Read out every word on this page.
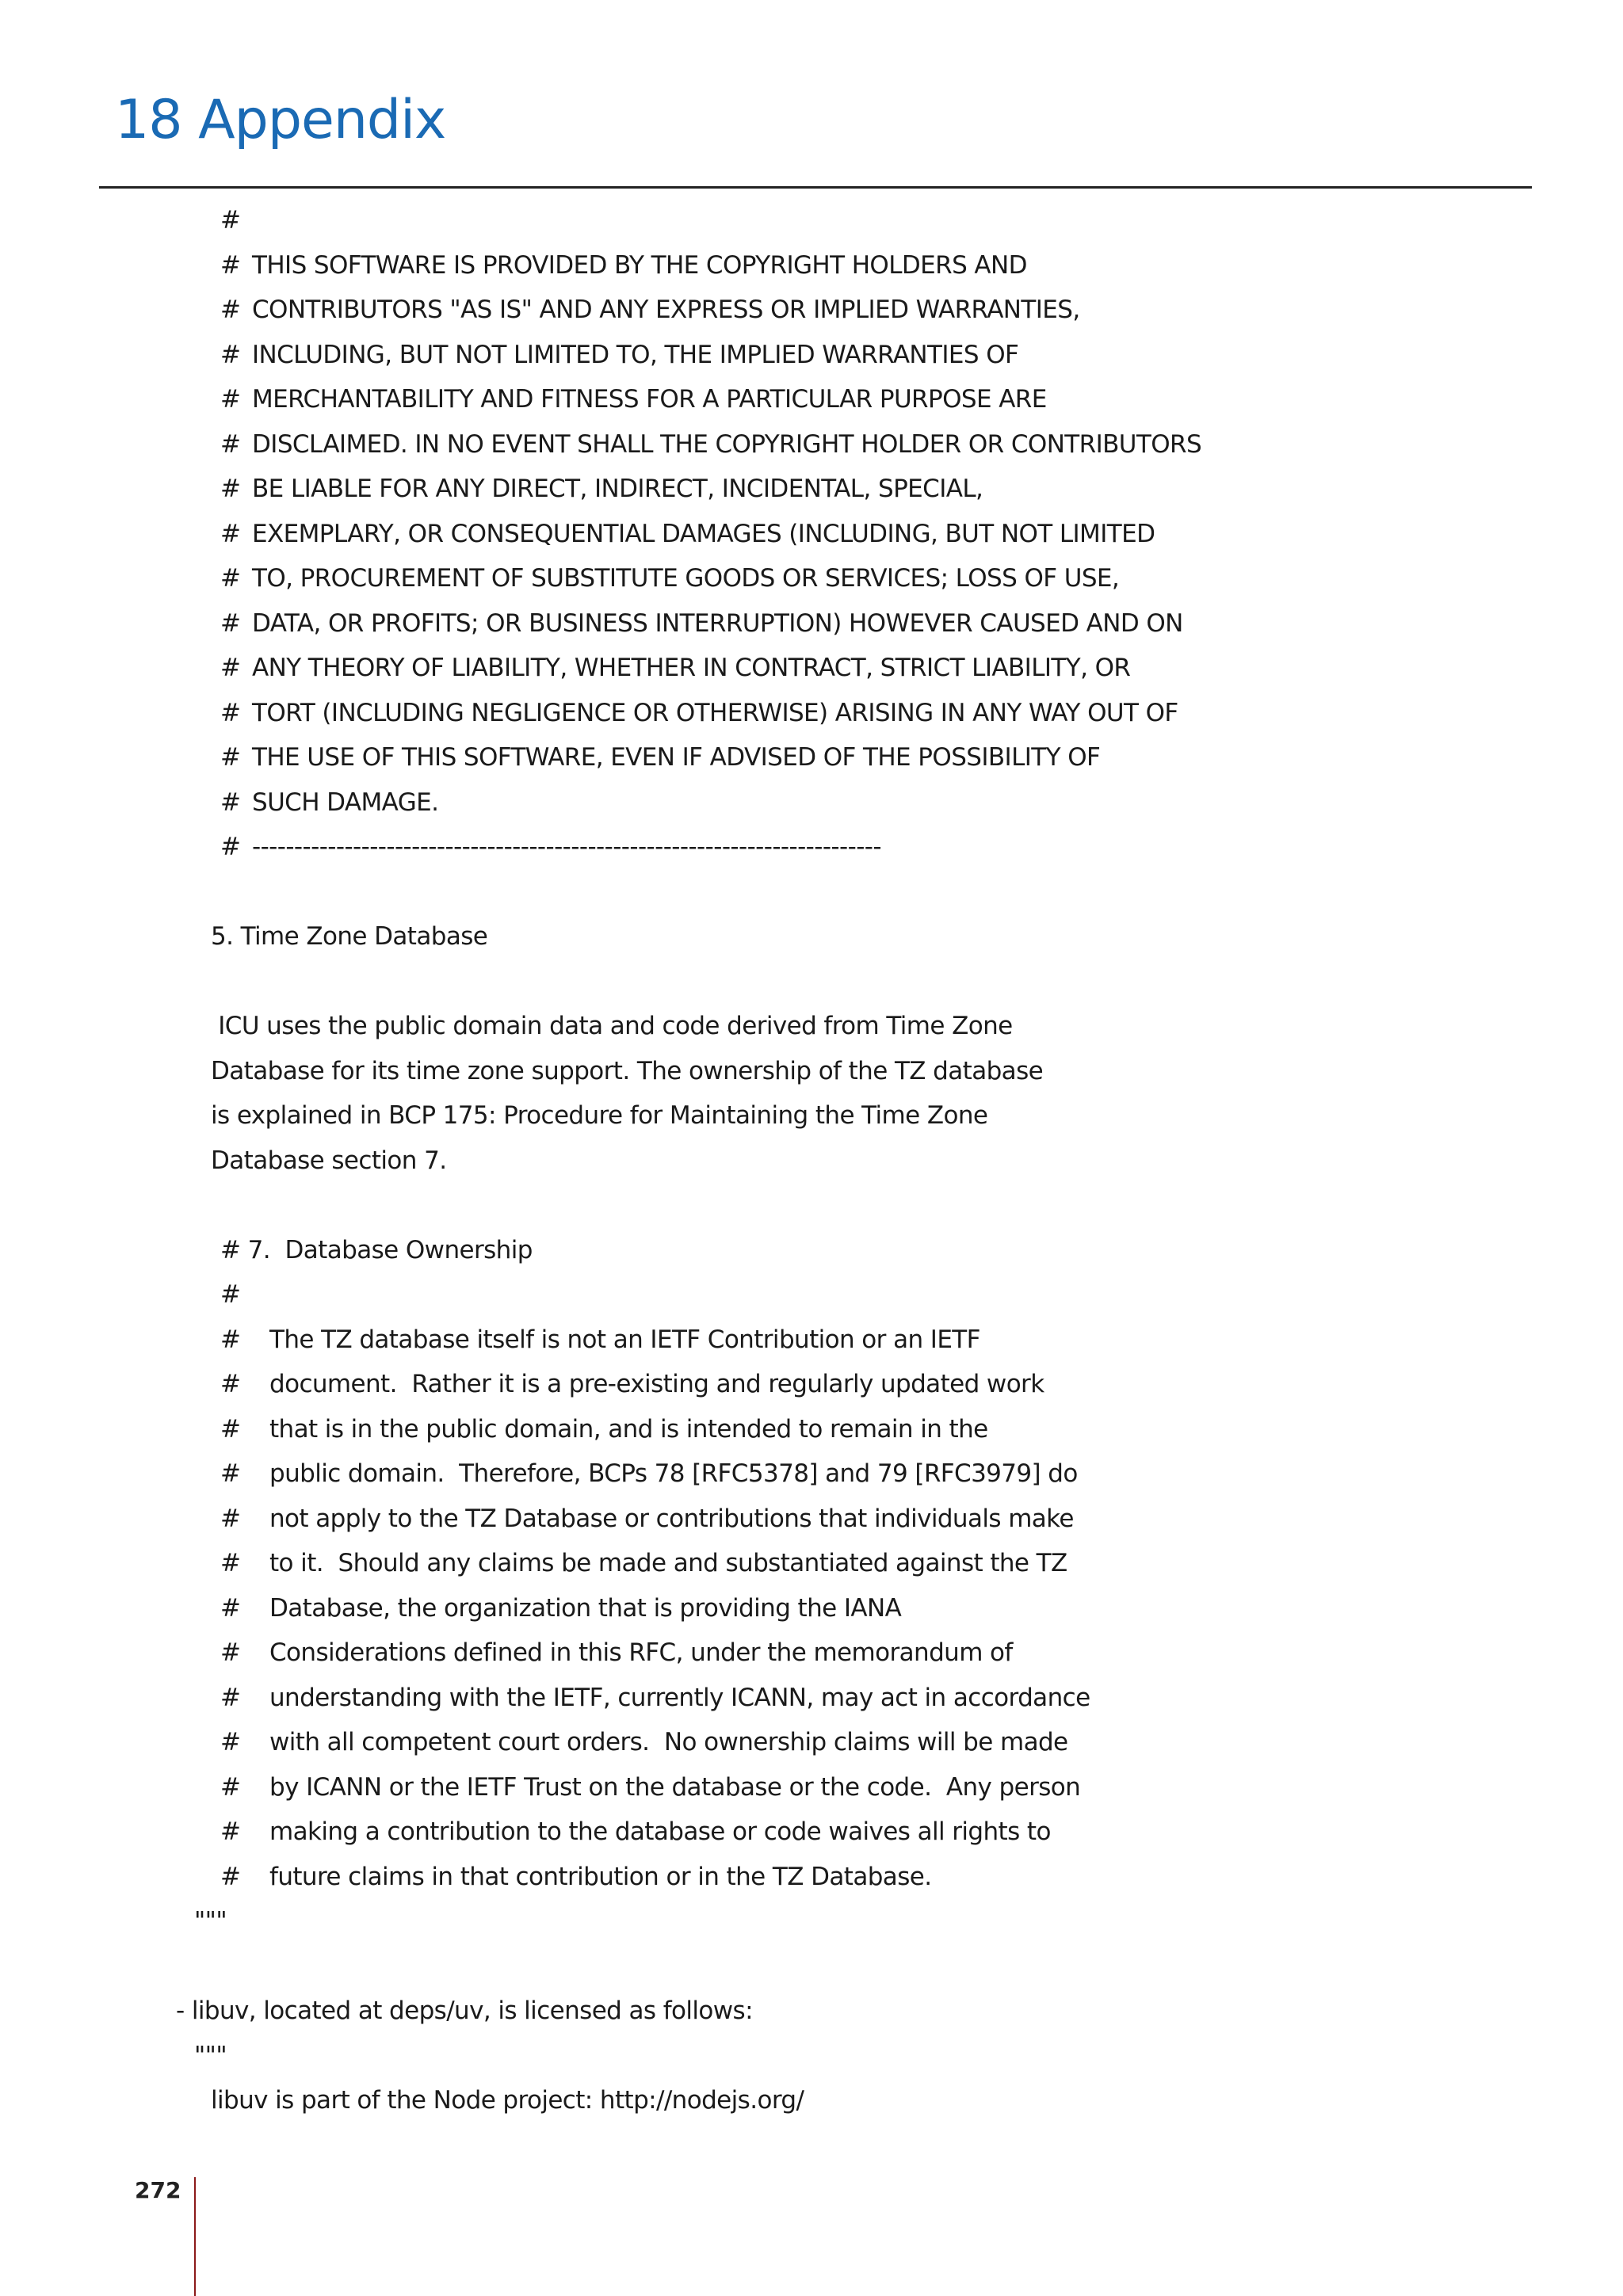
18 Appendix
#
# THIS SOFTWARE IS PROVIDED BY THE COPYRIGHT HOLDERS AND
# CONTRIBUTORS "AS IS" AND ANY EXPRESS OR IMPLIED WARRANTIES,
# INCLUDING, BUT NOT LIMITED TO, THE IMPLIED WARRANTIES OF
# MERCHANTABILITY AND FITNESS FOR A PARTICULAR PURPOSE ARE
# DISCLAIMED. IN NO EVENT SHALL THE COPYRIGHT HOLDER OR CONTRIBUTORS
# BE LIABLE FOR ANY DIRECT, INDIRECT, INCIDENTAL, SPECIAL,
# EXEMPLARY, OR CONSEQUENTIAL DAMAGES (INCLUDING, BUT NOT LIMITED
# TO, PROCUREMENT OF SUBSTITUTE GOODS OR SERVICES; LOSS OF USE,
# DATA, OR PROFITS; OR BUSINESS INTERRUPTION) HOWEVER CAUSED AND ON
# ANY THEORY OF LIABILITY, WHETHER IN CONTRACT, STRICT LIABILITY, OR
# TORT (INCLUDING NEGLIGENCE OR OTHERWISE) ARISING IN ANY WAY OUT OF
# THE USE OF THIS SOFTWARE, EVEN IF ADVISED OF THE POSSIBILITY OF
# SUCH DAMAGE.
# ---------------------------------------------------------------------------
5. Time Zone Database
ICU uses the public domain data and code derived from Time Zone
Database for its time zone support. The ownership of the TZ database
is explained in BCP 175: Procedure for Maintaining the Time Zone
Database section 7.
# 7.  Database Ownership
#
# The TZ database itself is not an IETF Contribution or an IETF
# document.  Rather it is a pre-existing and regularly updated work
# that is in the public domain, and is intended to remain in the
# public domain.  Therefore, BCPs 78 [RFC5378] and 79 [RFC3979] do
# not apply to the TZ Database or contributions that individuals make
# to it.  Should any claims be made and substantiated against the TZ
# Database, the organization that is providing the IANA
# Considerations defined in this RFC, under the memorandum of
# understanding with the IETF, currently ICANN, may act in accordance
# with all competent court orders.  No ownership claims will be made
# by ICANN or the IETF Trust on the database or the code.  Any person
# making a contribution to the database or code waives all rights to
# future claims in that contribution or in the TZ Database.
"""
- libuv, located at deps/uv, is licensed as follows:
"""
libuv is part of the Node project: http://nodejs.org/
272
